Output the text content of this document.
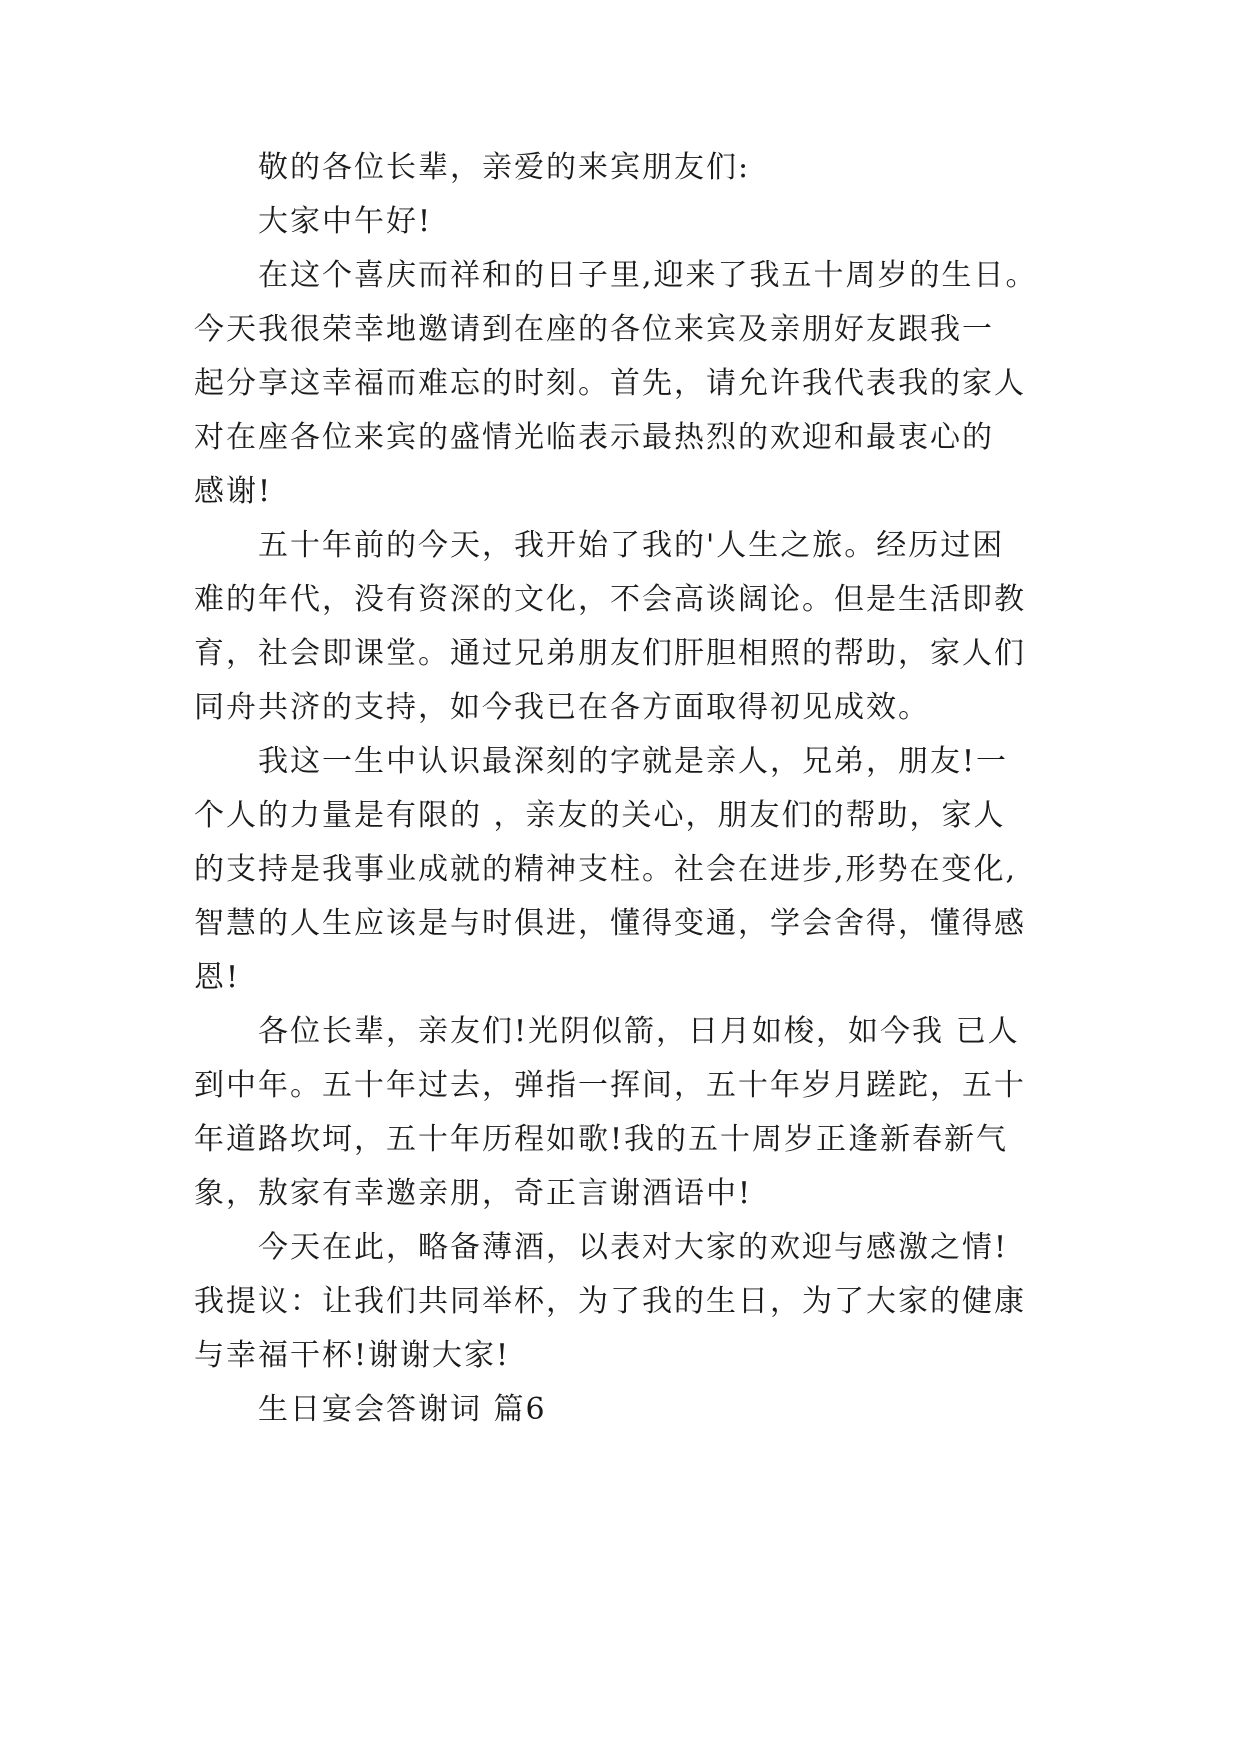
敬的各位长辈，亲爱的来宾朋友们:
大家中午好!
在这个喜庆而祥和的日子里,迎来了我五十周岁的生日。
今天我很荣幸地邀请到在座的各位来宾及亲朋好友跟我一
起分享这幸福而难忘的时刻。首先，请允许我代表我的家人
对在座各位来宾的盛情光临表示最热烈的欢迎和最衷心的
感谢!
五十年前的今天，我开始了我的'人生之旅。经历过困
难的年代，没有资深的文化，不会高谈阔论。但是生活即教
育，社会即课堂。通过兄弟朋友们肝胆相照的帮助，家人们
同舟共济的支持，如今我已在各方面取得初见成效。
我这一生中认识最深刻的字就是亲人，兄弟，朋友!一
个人的力量是有限的 ，亲友的关心，朋友们的帮助，家人
的支持是我事业成就的精神支柱。社会在进步,形势在变化,
智慧的人生应该是与时俱进，懂得变通，学会舍得，懂得感
恩!
各位长辈，亲友们!光阴似箭，日月如梭，如今我 已人
到中年。五十年过去，弹指一挥间，五十年岁月蹉跎，五十
年道路坎坷，五十年历程如歌!我的五十周岁正逢新春新气
象，敖家有幸邀亲朋，奇正言谢酒语中!
今天在此，略备薄酒，以表对大家的欢迎与感激之情!
我提议：让我们共同举杯，为了我的生日，为了大家的健康
与幸福干杯!谢谢大家!
生日宴会答谢词 篇6
